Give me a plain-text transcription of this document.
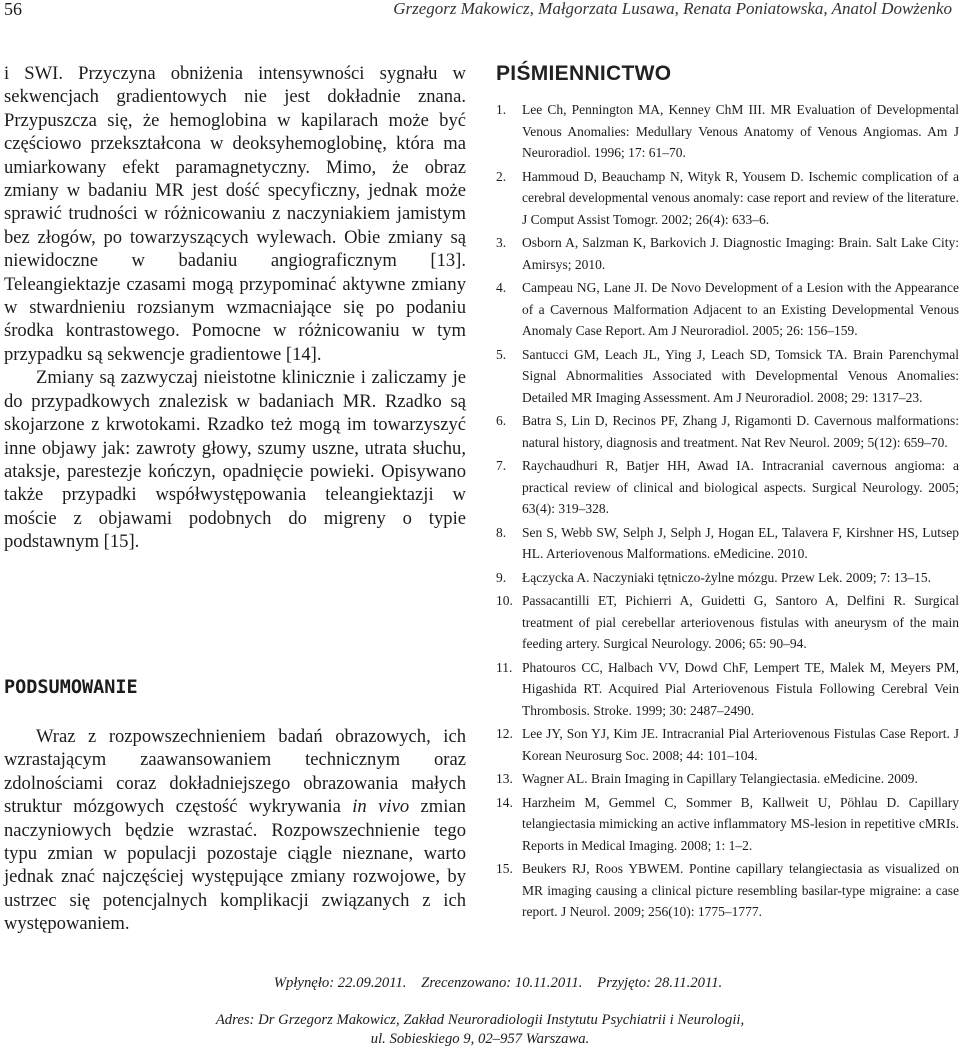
56	Grzegorz Makowicz, Małgorzata Lusawa, Renata Poniatowska, Anatol Dowżenko

i SWI. Przyczyna obniżenia intensywności sygnału w sekwencjach gradientowych nie jest dokładnie znana. Przypuszcza się, że hemoglobina w kapilarach może być częściowo przekształcona w deoksyhemoglobinę, która ma umiarkowany efekt paramagnetyczny. Mimo, że obraz zmiany w badaniu MR jest dość specyficzny, jednak może sprawić trudności w różnicowaniu z naczyniakiem jamistym bez złogów, po towarzyszących wylewach. Obie zmiany są niewidoczne w badaniu angiograficznym [13]. Teleangiektazje czasami mogą przypominać aktywne zmiany w stwardnieniu rozsianym wzmacniające się po podaniu środka kontrastowego. Pomocne w różnicowaniu w tym przypadku są sekwencje gradientowe [14].

Zmiany są zazwyczaj nieistotne klinicznie i zaliczamy je do przypadkowych znalezisk w badaniach MR. Rzadko są skojarzone z krwotokami. Rzadko też mogą im towarzyszyć inne objawy jak: zawroty głowy, szumy uszne, utrata słuchu, ataksje, parestezje kończyn, opadnięcie powieki. Opisywano także przypadki współwystępowania teleangiektazji w moście z objawami podobnych do migreny o typie podstawnym [15].

PODSUMOWANIE

Wraz z rozpowszechnieniem badań obrazowych, ich wzrastającym zaawansowaniem technicznym oraz zdolnościami coraz dokładniejszego obrazowania małych struktur mózgowych częstość wykrywania in vivo zmian naczyniowych będzie wzrastać. Rozpowszechnienie tego typu zmian w populacji pozostaje ciągle nieznane, warto jednak znać najczęściej występujące zmiany rozwojowe, by ustrzec się potencjalnych komplikacji związanych z ich występowaniem.

PIŚMIENNICTWO
1. Lee Ch, Pennington MA, Kenney ChM III. MR Evaluation of Developmental Venous Anomalies: Medullary Venous Anatomy of Venous Angiomas. Am J Neuroradiol. 1996; 17: 61–70.
2. Hammoud D, Beauchamp N, Wityk R, Yousem D. Ischemic complication of a cerebral developmental venous anomaly: case report and review of the literature. J Comput Assist Tomogr. 2002; 26(4): 633–6.
3. Osborn A, Salzman K, Barkovich J. Diagnostic Imaging: Brain. Salt Lake City: Amirsys; 2010.
4. Campeau NG, Lane JI. De Novo Development of a Lesion with the Appearance of a Cavernous Malformation Adjacent to an Existing Developmental Venous Anomaly Case Report. Am J Neuroradiol. 2005; 26: 156–159.
5. Santucci GM, Leach JL, Ying J, Leach SD, Tomsick TA. Brain Parenchymal Signal Abnormalities Associated with Developmental Venous Anomalies: Detailed MR Imaging Assessment. Am J Neuroradiol. 2008; 29: 1317–23.
6. Batra S, Lin D, Recinos PF, Zhang J, Rigamonti D. Cavernous malformations: natural history, diagnosis and treatment. Nat Rev Neurol. 2009; 5(12): 659–70.
7. Raychaudhuri R, Batjer HH, Awad IA. Intracranial cavernous angioma: a practical review of clinical and biological aspects. Surgical Neurology. 2005; 63(4): 319–328.
8. Sen S, Webb SW, Selph J, Selph J, Hogan EL, Talavera F, Kirshner HS, Lutsep HL. Arteriovenous Malformations. eMedicine. 2010.
9. Łączycka A. Naczyniaki tętniczo-żylne mózgu. Przew Lek. 2009; 7: 13–15.
10. Passacantilli ET, Pichierri A, Guidetti G, Santoro A, Delfini R. Surgical treatment of pial cerebellar arteriovenous fistulas with aneurysm of the main feeding artery. Surgical Neurology. 2006; 65: 90–94.
11. Phatouros CC, Halbach VV, Dowd ChF, Lempert TE, Malek M, Meyers PM, Higashida RT. Acquired Pial Arteriovenous Fistula Following Cerebral Vein Thrombosis. Stroke. 1999; 30: 2487–2490.
12. Lee JY, Son YJ, Kim JE. Intracranial Pial Arteriovenous Fistulas Case Report. J Korean Neurosurg Soc. 2008; 44: 101–104.
13. Wagner AL. Brain Imaging in Capillary Telangiectasia. eMedicine. 2009.
14. Harzheim M, Gemmel C, Sommer B, Kallweit U, Pöhlau D. Capillary telangiectasia mimicking an active inflammatory MS-lesion in repetitive cMRIs. Reports in Medical Imaging. 2008; 1: 1–2.
15. Beukers RJ, Roos YBWEM. Pontine capillary telangiectasia as visualized on MR imaging causing a clinical picture resembling basilar-type migraine: a case report. J Neurol. 2009; 256(10): 1775–1777.
Wpłynęło: 22.09.2011. Zrecenzowano: 10.11.2011. Przyjęto: 28.11.2011.
Adres: Dr Grzegorz Makowicz, Zakład Neuroradiologii Instytutu Psychiatrii i Neurologii,
ul. Sobieskiego 9, 02–957 Warszawa.
